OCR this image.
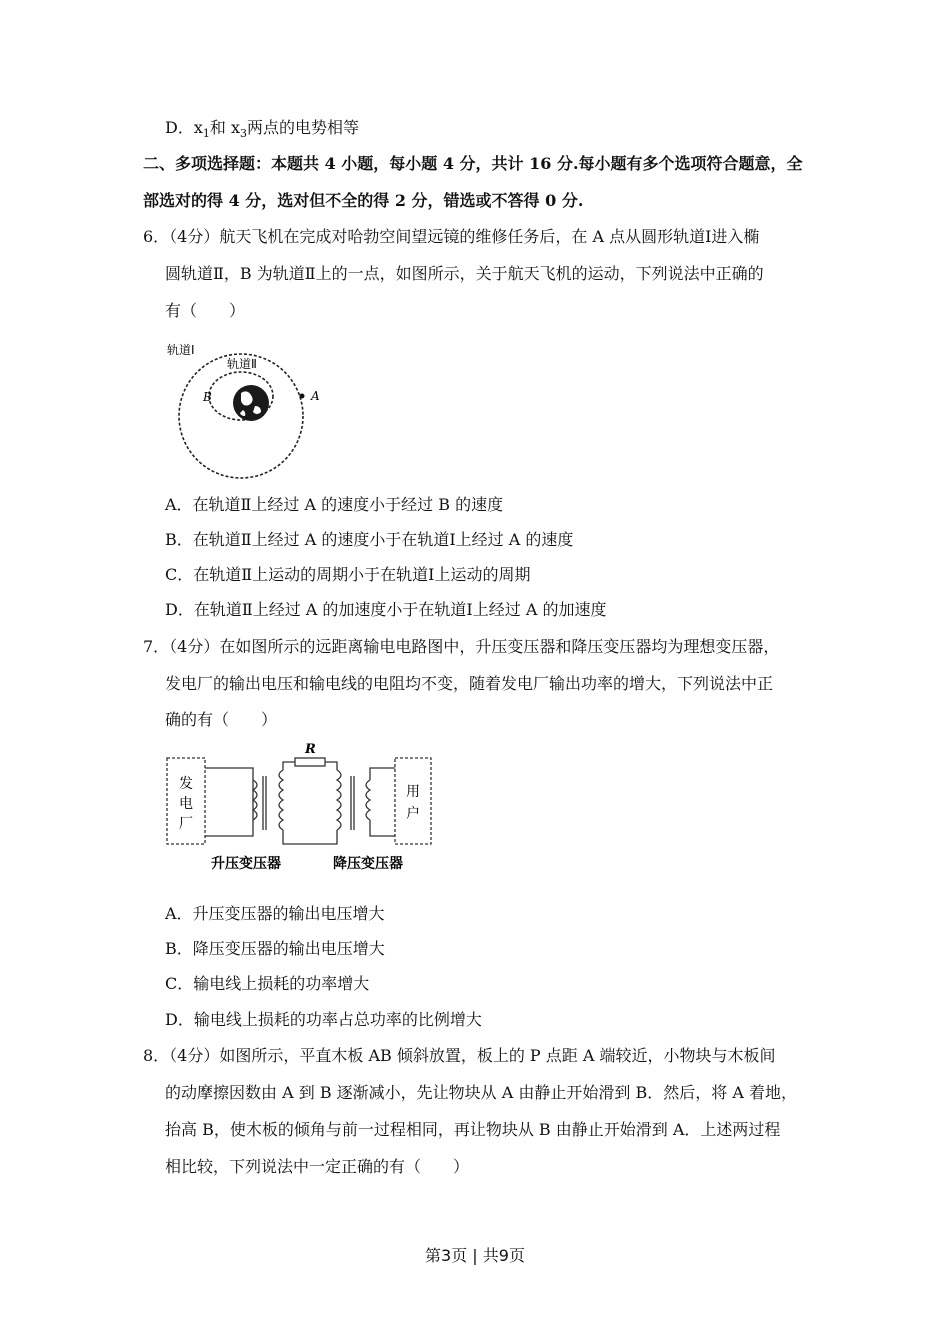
D．$x_1$和 $x_3$两点的电势相等
二、多项选择题：本题共 4 小题，每小题 4 分，共计 16 分.每小题有多个选项符合题意，全
部选对的得 4 分，选对但不全的得 2 分，错选或不答得 0 分.
6．（4分）航天飞机在完成对哈勃空间望远镜的维修任务后，在 A 点从圆形轨道Ⅰ进入椭
圆轨道Ⅱ，B 为轨道Ⅱ上的一点，如图所示，关于航天飞机的运动，下列说法中正确的
有（　　）
轨道Ⅰ
轨道Ⅱ
B	A
A．在轨道Ⅱ上经过 A 的速度小于经过 B 的速度
B．在轨道Ⅱ上经过 A 的速度小于在轨道Ⅰ上经过 A 的速度
C．在轨道Ⅱ上运动的周期小于在轨道Ⅰ上运动的周期
D．在轨道Ⅱ上经过 A 的加速度小于在轨道Ⅰ上经过 A 的加速度
7．（4分）在如图所示的远距离输电电路图中，升压变压器和降压变压器均为理想变压器，
发电厂的输出电压和输电线的电阻均不变，随着发电厂输出功率的增大，下列说法中正
确的有（　　）
发
电
厂
R
用
户
升压变压器	降压变压器
A．升压变压器的输出电压增大
B．降压变压器的输出电压增大
C．输电线上损耗的功率增大
D．输电线上损耗的功率占总功率的比例增大
8．（4分）如图所示，平直木板 AB 倾斜放置，板上的 P 点距 A 端较近，小物块与木板间
的动摩擦因数由 A 到 B 逐渐减小，先让物块从 A 由静止开始滑到 B．然后，将 A 着地，
抬高 B，使木板的倾角与前一过程相同，再让物块从 B 由静止开始滑到 A．上述两过程
相比较，下列说法中一定正确的有（　　）
第3页 | 共9页
